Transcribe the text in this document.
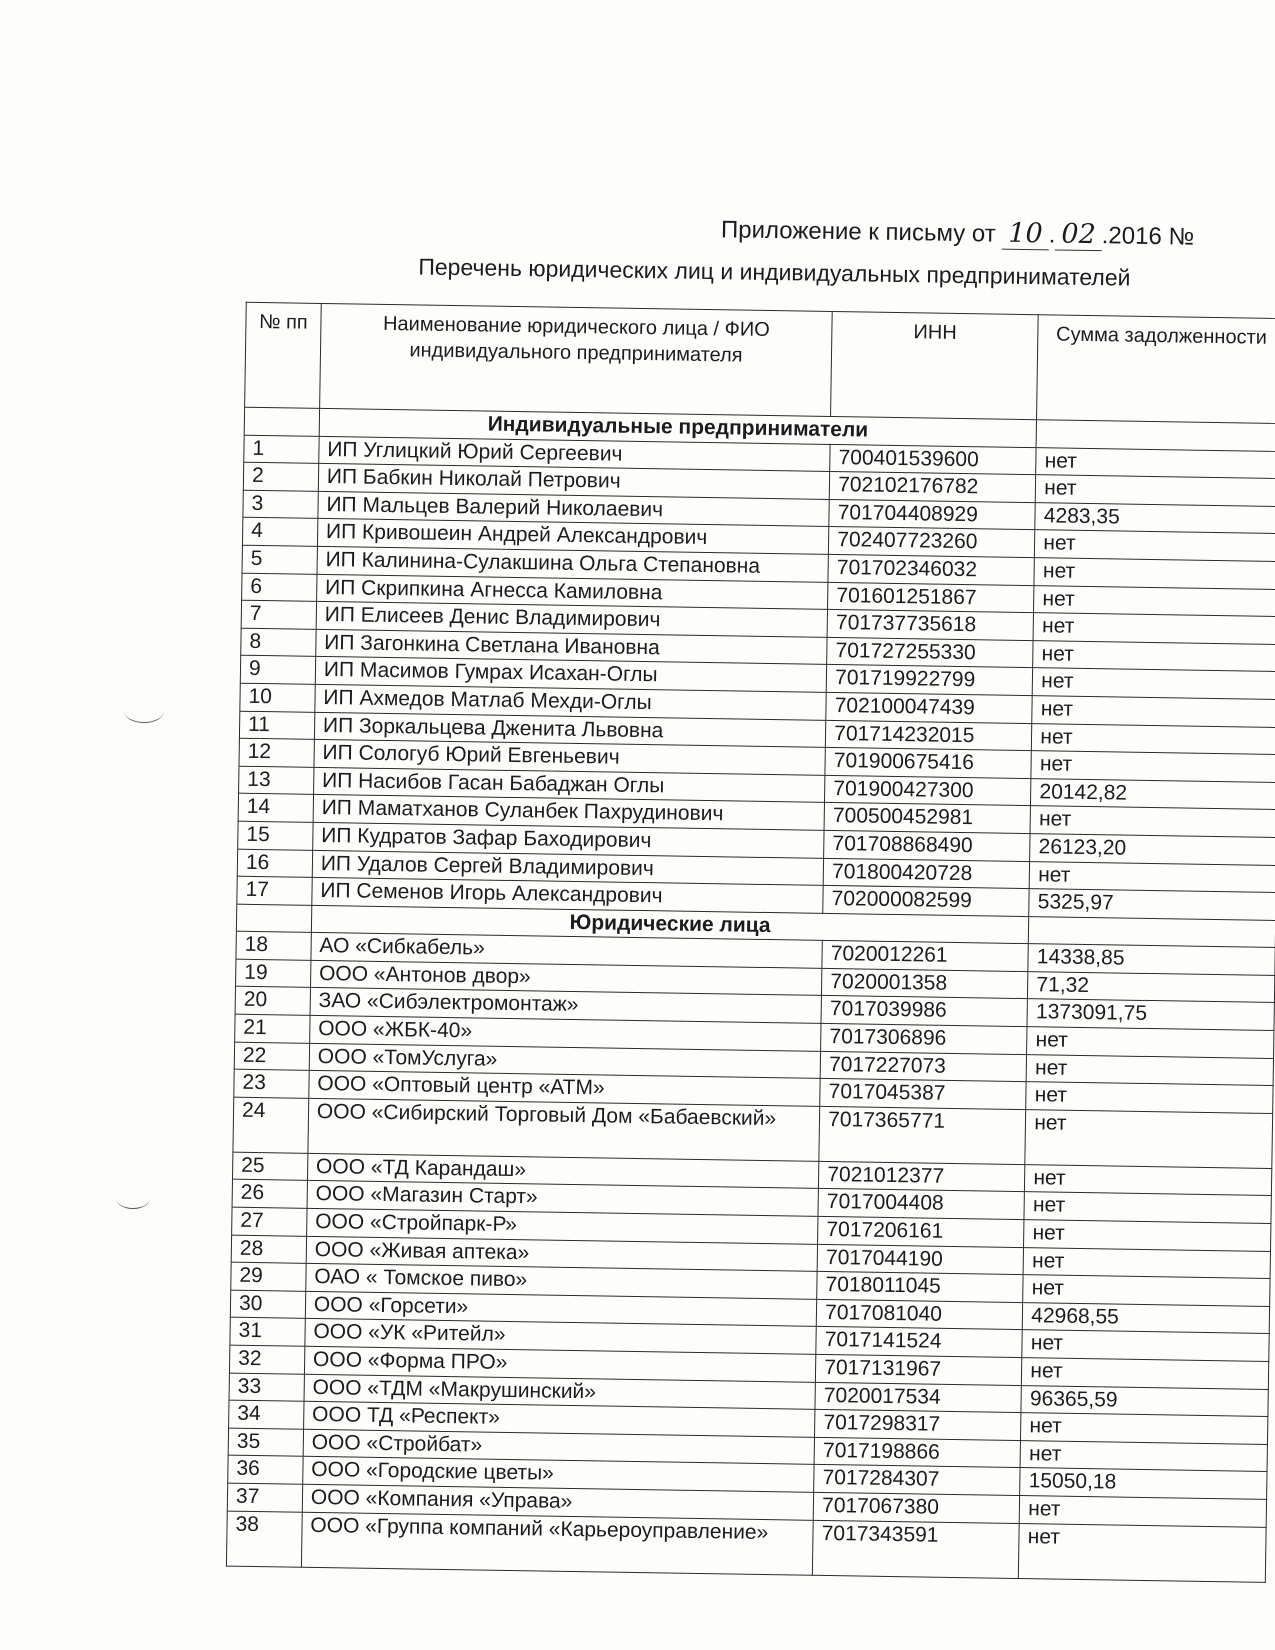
Приложение к письму от 10 . 02 .2016 №
Перечень юридических лиц и индивидуальных предпринимателей
№ пп	Наименование юридического лица / ФИО индивидуального предпринимателя	ИНН	Сумма задолженности
	Индивидуальные предприниматели		
1	ИП Углицкий Юрий Сергеевич	700401539600	нет
2	ИП Бабкин Николай Петрович	702102176782	нет
3	ИП Мальцев Валерий Николаевич	701704408929	4283,35
4	ИП Кривошеин Андрей Александрович	702407723260	нет
5	ИП Калинина-Сулакшина Ольга Степановна	701702346032	нет
6	ИП Скрипкина Агнесса Камиловна	701601251867	нет
7	ИП Елисеев Денис Владимирович	701737735618	нет
8	ИП Загонкина Светлана Ивановна	701727255330	нет
9	ИП Масимов Гумрах Исахан-Оглы	701719922799	нет
10	ИП Ахмедов Матлаб Мехди-Оглы	702100047439	нет
11	ИП Зоркальцева Дженита Львовна	701714232015	нет
12	ИП Сологуб Юрий Евгеньевич	701900675416	нет
13	ИП Насибов Гасан Бабаджан Оглы	701900427300	20142,82
14	ИП Маматханов Суланбек Пахрудинович	700500452981	нет
15	ИП Кудратов Зафар Баходирович	701708868490	26123,20
16	ИП Удалов Сергей Владимирович	701800420728	нет
17	ИП Семенов Игорь Александрович	702000082599	5325,97
	Юридические лица		
18	АО «Сибкабель»	7020012261	14338,85
19	ООО «Антонов двор»	7020001358	71,32
20	ЗАО «Сибэлектромонтаж»	7017039986	1373091,75
21	ООО «ЖБК-40»	7017306896	нет
22	ООО «ТомУслуга»	7017227073	нет
23	ООО «Оптовый центр «АТМ»	7017045387	нет
24	ООО «Сибирский Торговый Дом «Бабаевский»	7017365771	нет
25	ООО «ТД Карандаш»	7021012377	нет
26	ООО «Магазин Старт»	7017004408	нет
27	ООО «Стройпарк-Р»	7017206161	нет
28	ООО «Живая аптека»	7017044190	нет
29	ОАО « Томское пиво»	7018011045	нет
30	ООО «Горсети»	7017081040	42968,55
31	ООО «УК «Ритейл»	7017141524	нет
32	ООО «Форма ПРО»	7017131967	нет
33	ООО «ТДМ «Макрушинский»	7020017534	96365,59
34	ООО ТД «Респект»	7017298317	нет
35	ООО «Стройбат»	7017198866	нет
36	ООО «Городские цветы»	7017284307	15050,18
37	ООО «Компания «Управа»	7017067380	нет
38	ООО «Группа компаний «Карьероуправление»	7017343591	нет
